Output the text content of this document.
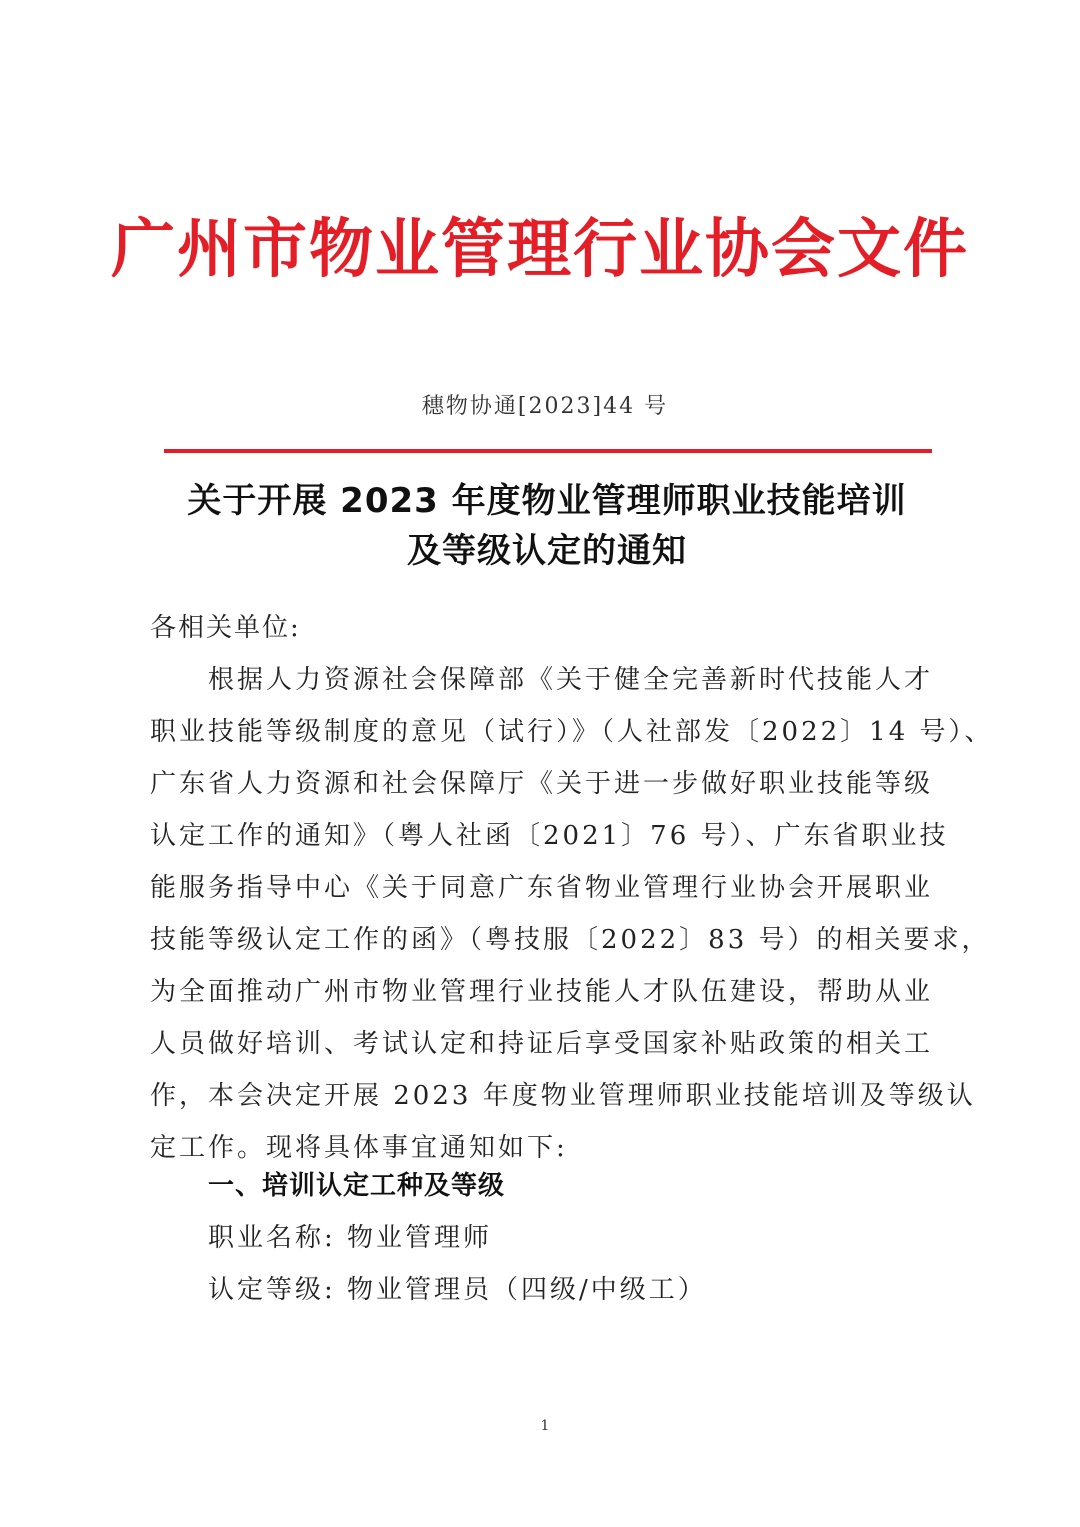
广州市物业管理行业协会文件
穗物协通[2023]44 号
关于开展 2023 年度物业管理师职业技能培训
及等级认定的通知
各相关单位:
　　根据人力资源社会保障部《关于健全完善新时代技能人才
职业技能等级制度的意见（试行）》（人社部发〔2022〕14 号）、
广东省人力资源和社会保障厅《关于进一步做好职业技能等级
认定工作的通知》（粤人社函〔2021〕76 号）、广东省职业技
能服务指导中心《关于同意广东省物业管理行业协会开展职业
技能等级认定工作的函》（粤技服〔2022〕83 号）的相关要求，
为全面推动广州市物业管理行业技能人才队伍建设，帮助从业
人员做好培训、考试认定和持证后享受国家补贴政策的相关工
作，本会决定开展 2023 年度物业管理师职业技能培训及等级认
定工作。现将具体事宜通知如下:
一、培训认定工种及等级
职业名称: 物业管理师
认定等级: 物业管理员（四级/中级工）
1
